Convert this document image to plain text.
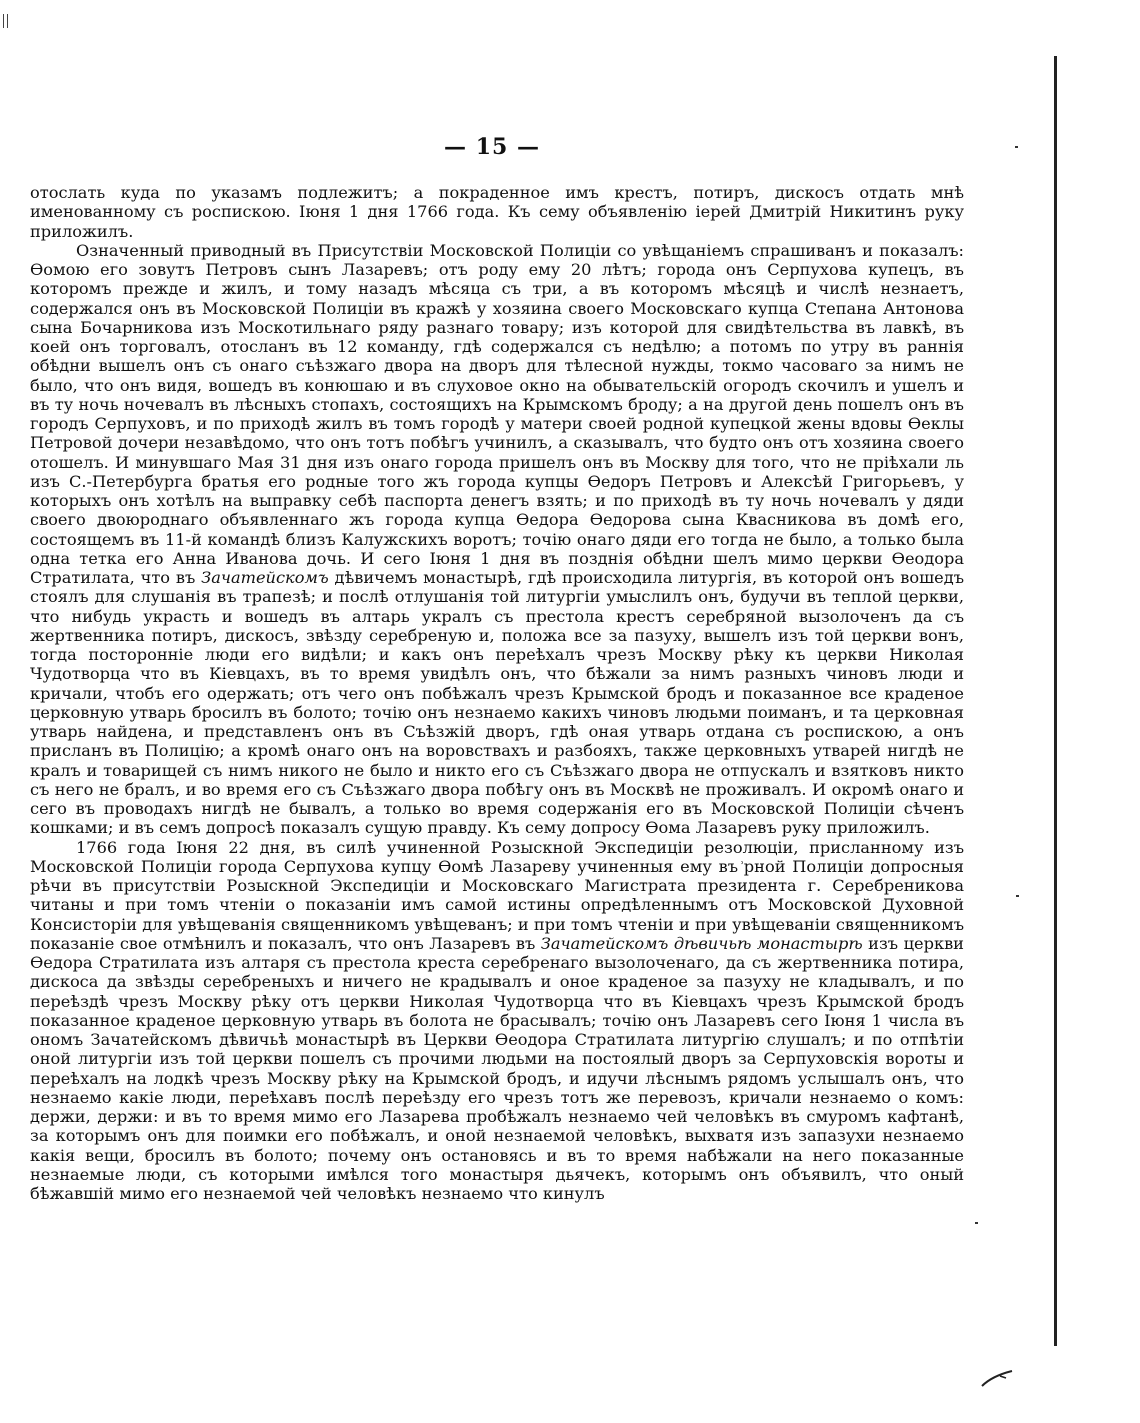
— 15 —

отослать куда по указамъ подлежитъ; а покраденное имъ крестъ, потиръ, дискосъ отдать мнѣ именованному съ роспискою. Іюня 1 дня 1766 года. Къ сему объявленію іерей Дмитрій Никитинъ руку приложилъ.

Означенный приводный въ Присутствіи Московской Полиціи со увѣщаніемъ спрашиванъ и показалъ: Ѳомою его зовутъ Петровъ сынъ Лазаревъ; отъ роду ему 20 лѣтъ; города онъ Серпухова купецъ, въ которомъ прежде и жилъ, и тому назадъ мѣсяца съ три, а въ которомъ мѣсяцѣ и числѣ незнаетъ, содержался онъ въ Московской Полиціи въ кражѣ у хозяина своего Московскаго купца Степана Антонова сына Бочарникова изъ Москотильнаго ряду разнаго товару; изъ которой для свидѣтельства въ лавкѣ, въ коей онъ торговалъ, отосланъ въ 12 команду, гдѣ содержался съ недѣлю; а потомъ по утру въ раннія обѣдни вышелъ онъ съ онаго съѣзжаго двора на дворъ для тѣлесной нужды, токмо часоваго за нимъ не было, что онъ видя, вошедъ въ конюшаю и въ слуховое окно на обывательскій огородъ скочилъ и ушелъ и въ ту ночь ночевалъ въ лѣсныхъ стопахъ, состоящихъ на Крымскомъ броду; а на другой день пошелъ онъ въ городъ Серпуховъ, и по приходѣ жилъ въ томъ городѣ у матери своей родной купецкой жены вдовы Ѳеклы Петровой дочери незавѣдомо, что онъ тотъ побѣгъ учинилъ, а сказывалъ, что будто онъ отъ хозяина своего отошелъ. И минувшаго Мая 31 дня изъ онаго города пришелъ онъ въ Москву для того, что не пріѣхали ль изъ С.-Петербурга братья его родные того жъ города купцы Ѳедоръ Петровъ и Алексѣй Григорьевъ, у которыхъ онъ хотѣлъ на выправку себѣ паспорта денегъ взять; и по приходѣ въ ту ночь ночевалъ у дяди своего двоюроднаго объявленнаго жъ города купца Ѳедора Ѳедорова сына Квасникова въ домѣ его, состоящемъ въ 11-й командѣ близъ Калужскихъ воротъ; точію онаго дяди его тогда не было, а только была одна тетка его Анна Иванова дочь. И сего Іюня 1 дня въ позднія обѣдни шелъ мимо церкви Ѳеодора Стратилата, что въ Зачатейскомъ дѣвичемъ монастырѣ, гдѣ происходила литургія, въ которой онъ вошедъ стоялъ для слушанія въ трапезѣ; и послѣ отлушанія той литургіи умыслилъ онъ, будучи въ теплой церкви, что нибудь украсть и вошедъ въ алтарь укралъ съ престола крестъ серебряной вызолоченъ да съ жертвенника потиръ, дискосъ, звѣзду серебреную и, положа все за пазуху, вышелъ изъ той церкви вонъ, тогда посторонніе люди его видѣли; и какъ онъ переѣхалъ чрезъ Москву рѣку къ церкви Николая Чудотворца что въ Кіевцахъ, въ то время увидѣлъ онъ, что бѣжали за нимъ разныхъ чиновъ люди и кричали, чтобъ его одержать; отъ чего онъ побѣжалъ чрезъ Крымской бродъ и показанное все краденое церковную утварь бросилъ въ болото; точію онъ незнаемо какихъ чиновъ людьми поиманъ, и та церковная утварь найдена, и представленъ онъ въ Съѣзжій дворъ, гдѣ оная утварь отдана съ роспискою, а онъ присланъ въ Полицію; а кромѣ онаго онъ на воровствахъ и разбояхъ, также церковныхъ утварей нигдѣ не кралъ и товарищей съ нимъ никого не было и никто его съ Съѣзжаго двора не отпускалъ и взятковъ никто съ него не бралъ, и во время его съ Съѣзжаго двора побѣгу онъ въ Москвѣ не проживалъ. И окромѣ онаго и сего въ проводахъ нигдѣ не бывалъ, а только во время содержанія его въ Московской Полиціи сѣченъ кошками; и въ семъ допросѣ показалъ сущую правду. Къ сему допросу Ѳома Лазаревъ руку приложилъ.

1766 года Іюня 22 дня, въ силѣ учиненной Розыскной Экспедиціи резолюціи, присланному изъ Московской Полиціи города Серпухова купцу Ѳомѣ Лазареву учиненныя ему въ ͗рной Полиціи допросныя рѣчи въ присутствіи Розыскной Экспедиціи и Московскаго Магистрата президента г. Серебреникова читаны и при томъ чтеніи о показаніи имъ самой истины опредѣленнымъ отъ Московской Духовной Консисторіи для увѣщеванія священникомъ увѣщеванъ; и при томъ чтеніи и при увѣщеваніи священникомъ показаніе свое отмѣнилъ и показалъ, что онъ Лазаревъ въ Зачатейскомъ дѣвичьѣ монастырѣ изъ церкви Ѳедора Стратилата изъ алтаря съ престола креста серебренаго вызолоченаго, да съ жертвенника потира, дискоса да звѣзды серебреныхъ и ничего не крадывалъ и оное краденое за пазуху не кладывалъ, и по переѣздѣ чрезъ Москву рѣку отъ церкви Николая Чудотворца что въ Кіевцахъ чрезъ Крымской бродъ показанное краденое церковную утварь въ болота не брасывалъ; точію онъ Лазаревъ сего Іюня 1 числа въ ономъ Зачатейскомъ дѣвичьѣ монастырѣ въ Церкви Ѳеодора Стратилата литургію слушалъ; и по отпѣтіи оной литургіи изъ той церкви пошелъ съ прочими людьми на постоялый дворъ за Серпуховскія вороты и переѣхалъ на лодкѣ чрезъ Москву рѣку на Крымской бродъ, и идучи лѣснымъ рядомъ услышалъ онъ, что незнаемо какіе люди, переѣхавъ послѣ переѣзду его чрезъ тотъ же перевозъ, кричали незнаемо о комъ: держи, держи: и въ то время мимо его Лазарева пробѣжалъ незнаемо чей человѣкъ въ смуромъ кафтанѣ, за которымъ онъ для поимки его побѣжалъ, и оной незнаемой человѣкъ, выхватя изъ запазухи незнаемо какія вещи, бросилъ въ болото; почему онъ остановясь и въ то время набѣжали на него показанные незнаемые люди, съ которыми имѣлся того монастыря дьячекъ, которымъ онъ объявилъ, что оный бѣжавшій мимо его незнаемой чей человѣкъ незнаемо что кинулъ
